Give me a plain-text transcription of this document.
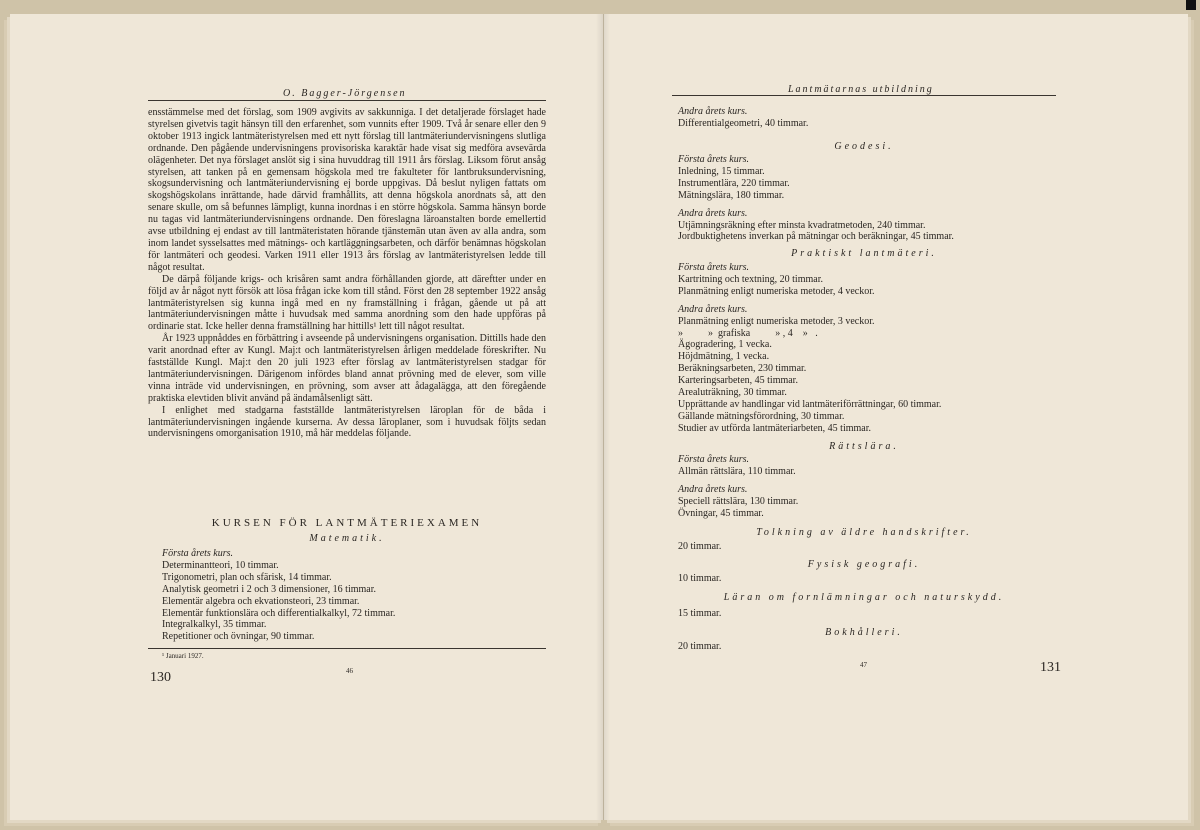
O. Bagger-Jörgensen

ensstämmelse med det förslag, som 1909 avgivits av sakkunniga. I det detaljerade förslaget hade styrelsen givetvis tagit hänsyn till den erfarenhet, som vunnits efter 1909. Två år senare eller den 9 oktober 1913 ingick lantmäteristyrelsen med ett nytt förslag till lantmäteriundervisningens slutliga ordnande. Den pågående undervisningens provisoriska karaktär hade visat sig medföra avsevärda olägenheter. Det nya förslaget anslöt sig i sina huvuddrag till 1911 års förslag. Liksom förut ansåg styrelsen, att tanken på en gemensam högskola med tre fakulteter för lantbruksundervisning, skogsundervisning och lantmäteriundervisning ej borde uppgivas. Då beslut nyligen fattats om skogshögskolans inrättande, hade därvid framhållits, att denna högskola anordnats så, att den senare skulle, om så befunnes lämpligt, kunna inordnas i en större högskola. Samma hänsyn borde nu tagas vid lantmäteriundervisningens ordnande. Den föreslagna läroanstalten borde emellertid avse utbildning ej endast av till lantmäteristaten hörande tjänstemän utan även av alla andra, som inom landet sysselsattes med mätnings- och kartläggningsarbeten, och därför benämnas högskolan för lantmäteri och geodesi. Varken 1911 eller 1913 års förslag av lantmäteristyrelsen ledde till något resultat.

De därpå följande krigs- och krisåren samt andra förhållanden gjorde, att däreftter under en följd av år något nytt försök att lösa frågan icke kom till stånd. Först den 28 september 1922 ansåg lantmäteristyrelsen sig kunna ingå med en ny framställning i frågan, gående ut på att lantmäteriundervisningen måtte i huvudsak med samma anordning som den hade uppföras på ordinarie stat. Icke heller denna framställning har hittills¹ lett till något resultat.

År 1923 uppnåddes en förbättring i avseende på undervisningens organisation. Dittills hade den varit anordnad efter av Kungl. Maj:t och lantmäteristyrelsen årligen meddelade föreskrifter. Nu fastställde Kungl. Maj:t den 20 juli 1923 efter förslag av lantmäteristyrelsen stadgar för lantmäteriundervisningen. Därigenom infördes bland annat prövning med de elever, som ville vinna inträde vid undervisningen, en prövning, som avser att ådagalägga, att den föregående praktiska elevtiden blivit använd på ändamålsenligt sätt.

I enlighet med stadgarna fastställde lantmäteristyrelsen läroplan för de båda i lantmäteriundervisningen ingående kurserna. Av dessa läroplaner, som i huvudsak följts sedan undervisningens omorganisation 1910, må här meddelas följande.

KURSEN FÖR LANTMÄTERIEXAMEN
Matematik.
Första årets kurs.
Determinantteori, 10 timmar.
Trigonometri, plan och sfärisk, 14 timmar.
Analytisk geometri i 2 och 3 dimensioner, 16 timmar.
Elementär algebra och ekvationsteori, 23 timmar.
Elementär funktionslära och differentialkalkyl, 72 timmar.
Integralkalkyl, 35 timmar.
Repetitioner och övningar, 90 timmar.
¹ Januari 1927.
46
130
Lantmätarnas utbildning
Andra årets kurs.
Differentialgeometri, 40 timmar.
Geodesi.
Första årets kurs.
Inledning, 15 timmar.
Instrumentlära, 220 timmar.
Mätningslära, 180 timmar.
Andra årets kurs.
Utjämningsräkning efter minsta kvadratmetoden, 240 timmar.
Jordbuktighetens inverkan på mätningar och beräkningar, 45 timmar.
Praktiskt lantmäteri.
Första årets kurs.
Kartritning och textning, 20 timmar.
Planmätning enligt numeriska metoder, 4 veckor.
Andra årets kurs.
Planmätning enligt numeriska metoder, 3 veckor.
»          »  grafiska          » , 4    »   .
Ägogradering, 1 vecka.
Höjdmätning, 1 vecka.
Beräkningsarbeten, 230 timmar.
Karteringsarbeten, 45 timmar.
Arealuträkning, 30 timmar.
Upprättande av handlingar vid lantmäteriförrättningar, 60 timmar.
Gällande mätningsförordning, 30 timmar.
Studier av utförda lantmäteriarbeten, 45 timmar.
Rättslära.
Första årets kurs.
Allmän rättslära, 110 timmar.
Andra årets kurs.
Speciell rättslära, 130 timmar.
Övningar, 45 timmar.
Tolkning av äldre handskrifter.
20 timmar.
Fysisk geografi.
10 timmar.
Läran om fornlämningar och naturskydd.
15 timmar.
Bokhålleri.
20 timmar.
47	131
